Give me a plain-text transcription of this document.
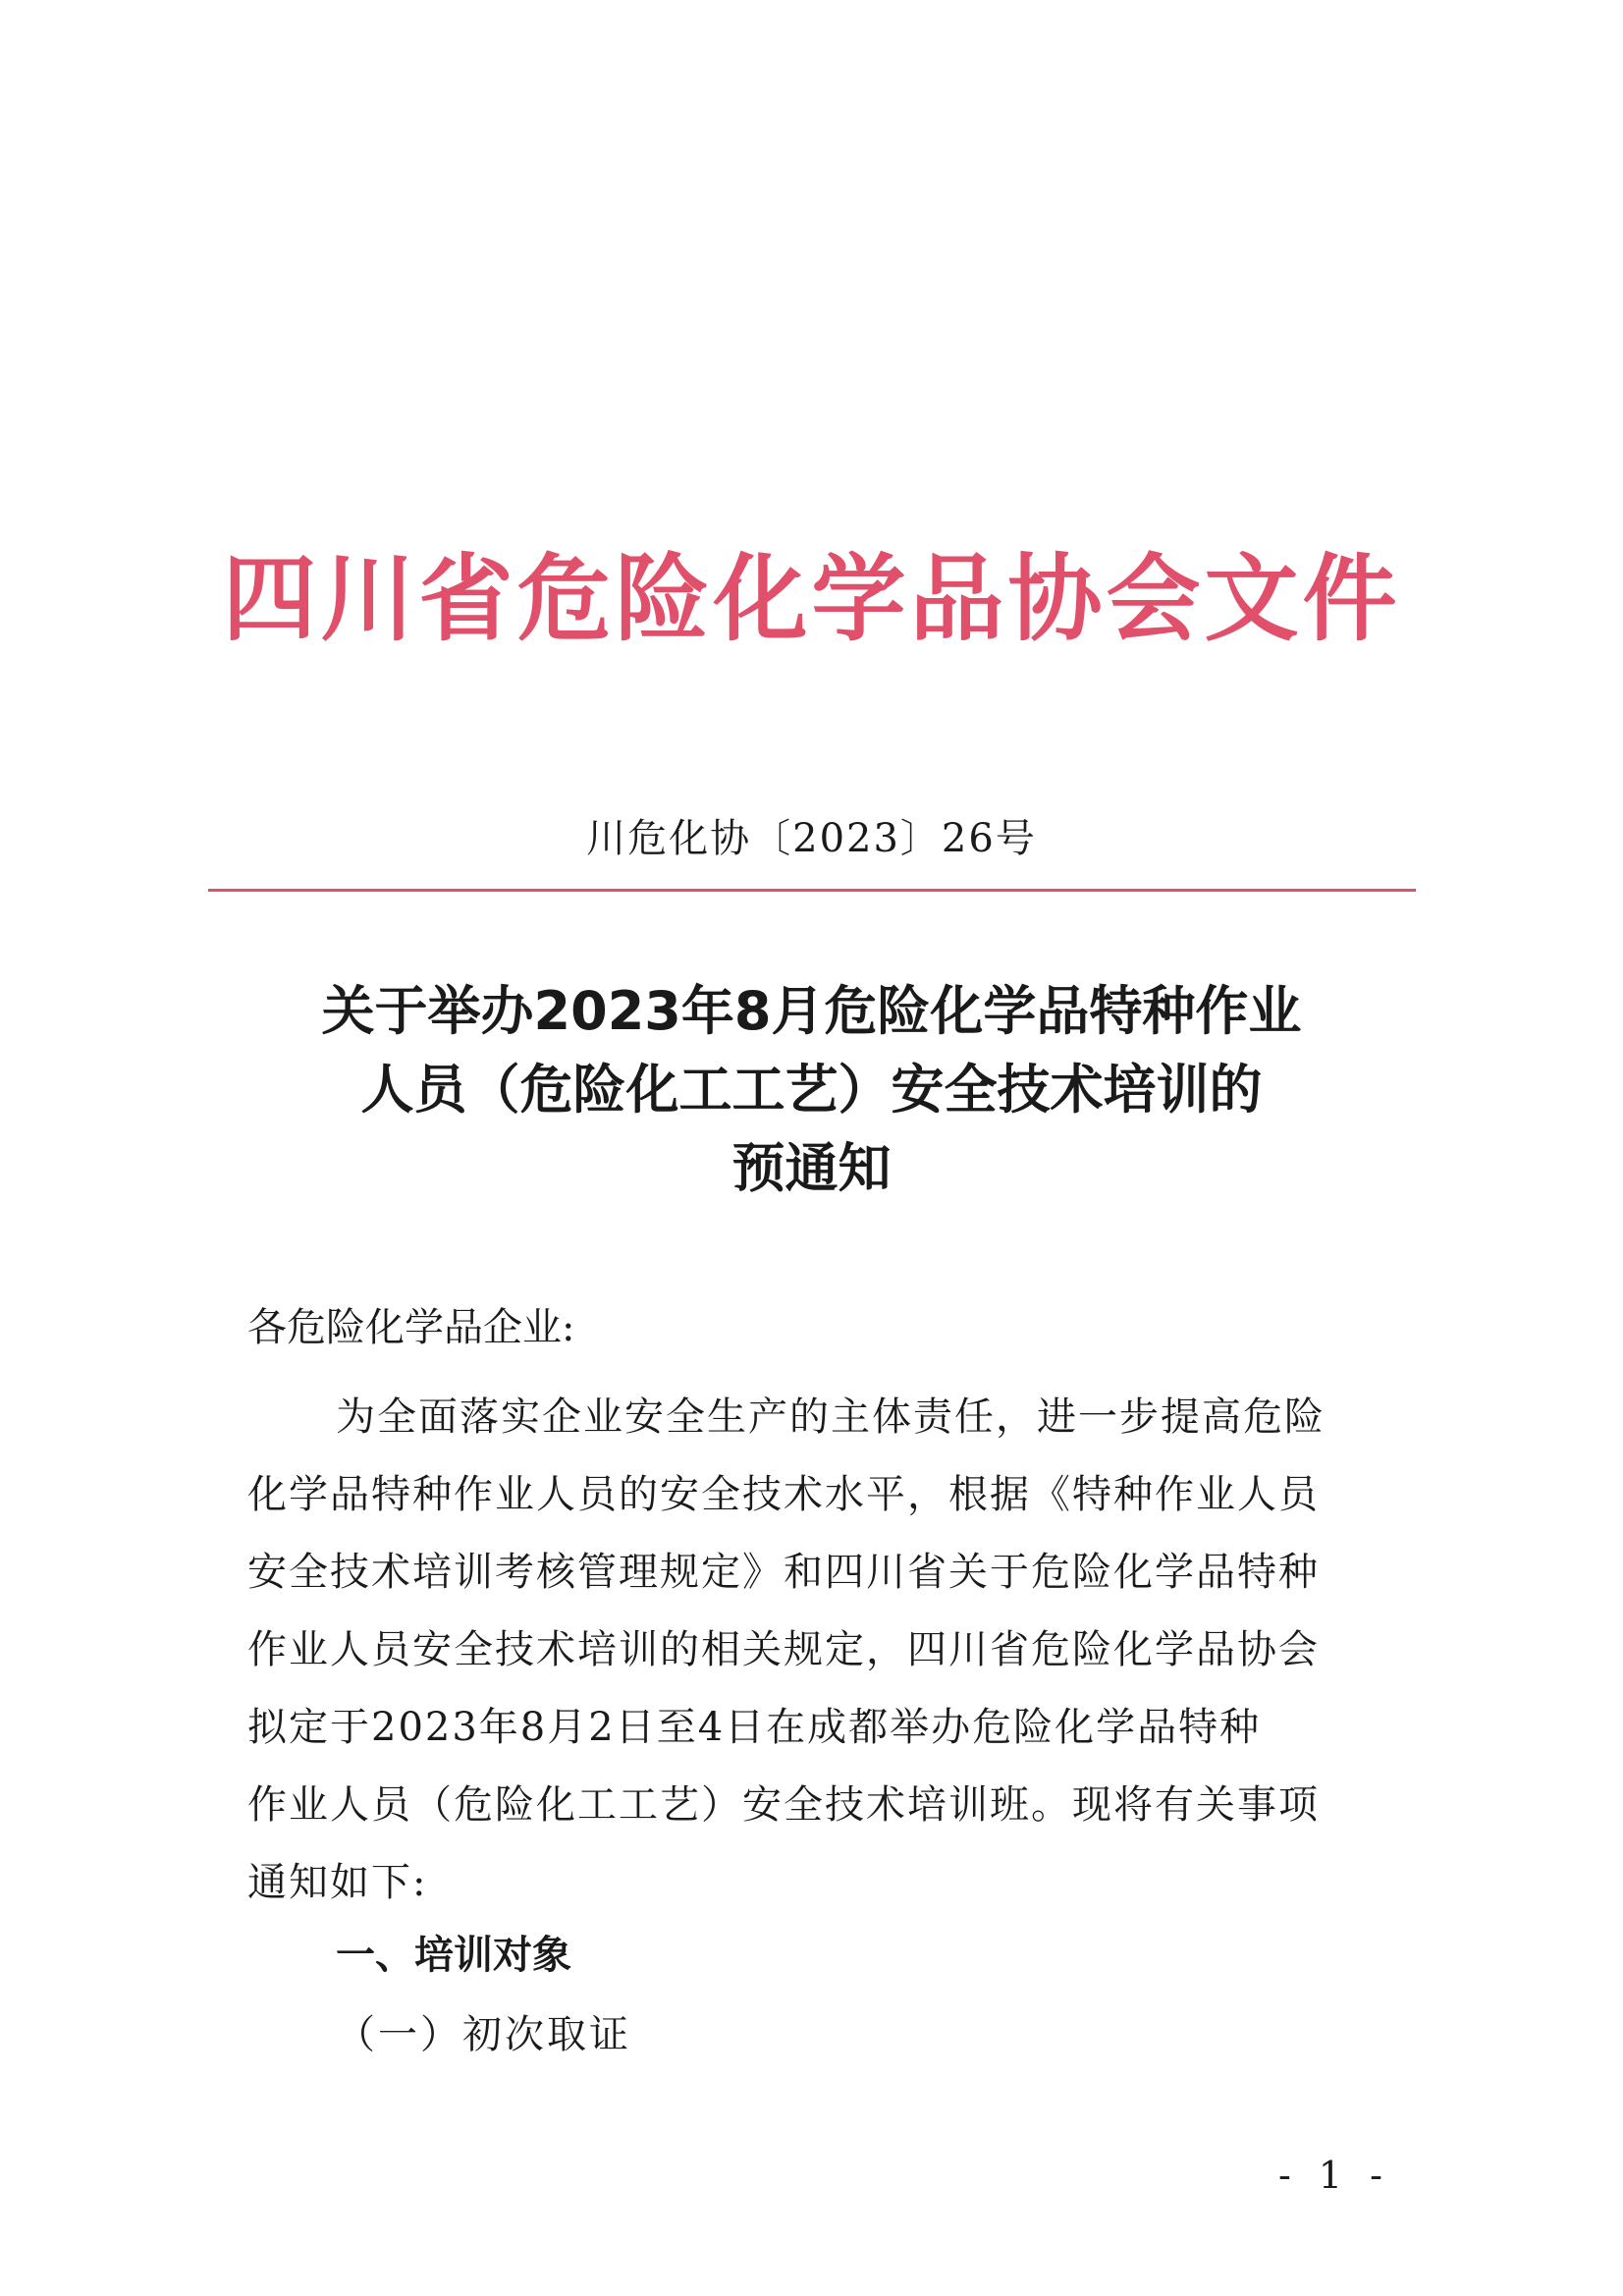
四川省危险化学品协会文件
川危化协〔2023〕26号
关于举办2023年8月危险化学品特种作业
人员（危险化工工艺）安全技术培训的
预通知
各危险化学品企业:
为全面落实企业安全生产的主体责任，进一步提高危险
化学品特种作业人员的安全技术水平，根据《特种作业人员
安全技术培训考核管理规定》和四川省关于危险化学品特种
作业人员安全技术培训的相关规定，四川省危险化学品协会
拟定于2023年8月2日至4日在成都举办危险化学品特种
作业人员（危险化工工艺）安全技术培训班。现将有关事项
通知如下:
一、培训对象
（一）初次取证
- 1 -
